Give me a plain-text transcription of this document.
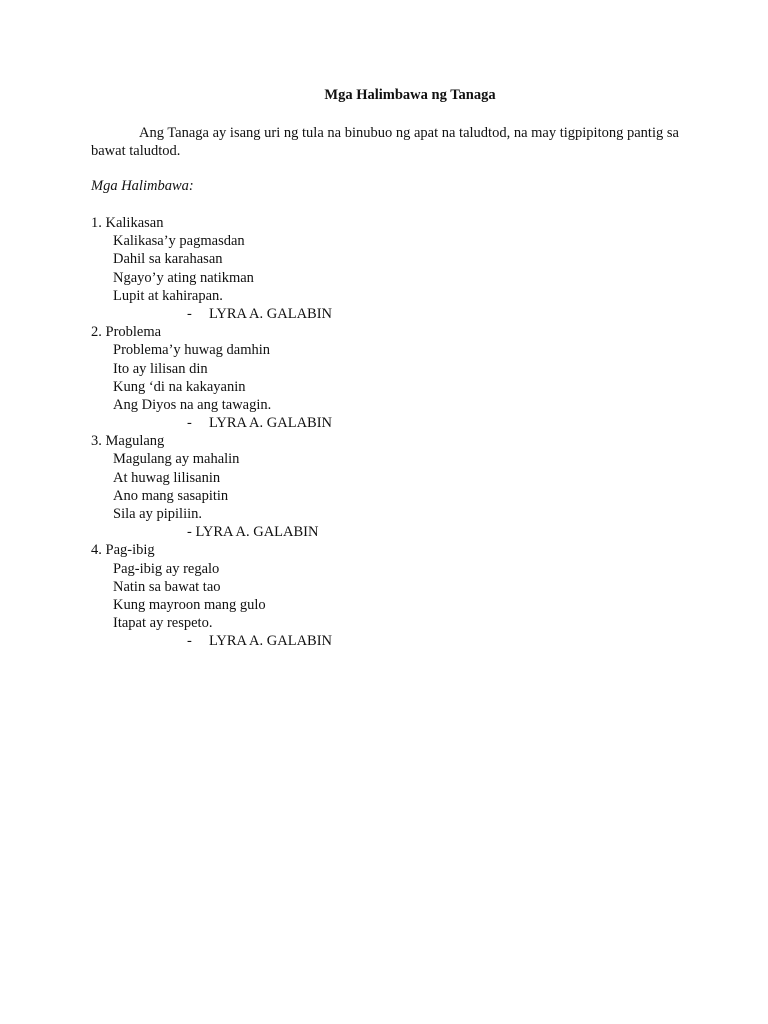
Mga Halimbawa ng Tanaga
Ang Tanaga ay isang uri ng tula na binubuo ng apat na taludtod, na may tigpipitong pantig sa bawat taludtod.
Mga Halimbawa:
1. Kalikasan
Kalikasa’y pagmasdan
Dahil sa karahasan
Ngayo’y ating natikman
Lupit at kahirapan.
- LYRA A. GALABIN
2. Problema
Problema’y huwag damhin
Ito ay lilisan din
Kung ‘di na kakayanin
Ang Diyos na ang tawagin.
- LYRA A. GALABIN
3. Magulang
Magulang ay mahalin
At huwag lilisanin
Ano mang sasapitin
Sila ay pipiliin.
- LYRA A. GALABIN
4. Pag-ibig
Pag-ibig ay regalo
Natin sa bawat tao
Kung mayroon mang gulo
Itapat ay respeto.
- LYRA A. GALABIN
